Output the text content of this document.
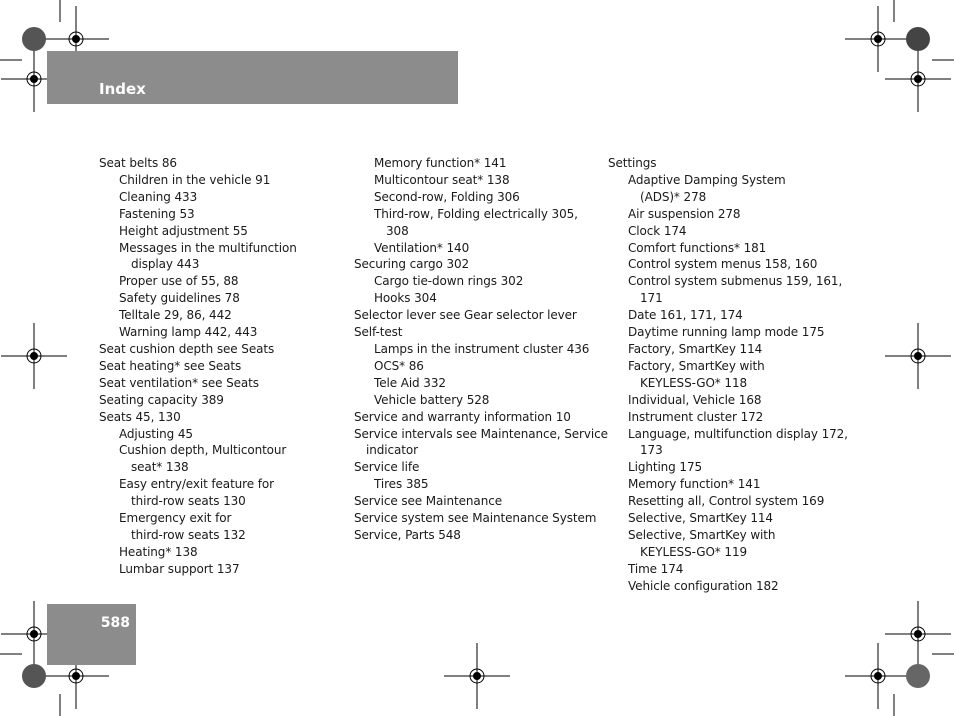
Index
Seat belts 86
Children in the vehicle 91
Cleaning 433
Fastening 53
Height adjustment 55
Messages in the multifunction
display 443
Proper use of 55, 88
Safety guidelines 78
Telltale 29, 86, 442
Warning lamp 442, 443
Seat cushion depth see Seats
Seat heating* see Seats
Seat ventilation* see Seats
Seating capacity 389
Seats 45, 130
Adjusting 45
Cushion depth, Multicontour
seat* 138
Easy entry/exit feature for
third-row seats 130
Emergency exit for
third-row seats 132
Heating* 138
Lumbar support 137
Memory function* 141
Multicontour seat* 138
Second-row, Folding 306
Third-row, Folding electrically 305,
308
Ventilation* 140
Securing cargo 302
Cargo tie-down rings 302
Hooks 304
Selector lever see Gear selector lever
Self-test
Lamps in the instrument cluster 436
OCS* 86
Tele Aid 332
Vehicle battery 528
Service and warranty information 10
Service intervals see Maintenance, Service
indicator
Service life
Tires 385
Service see Maintenance
Service system see Maintenance System
Service, Parts 548
Settings
Adaptive Damping System
(ADS)* 278
Air suspension 278
Clock 174
Comfort functions* 181
Control system menus 158, 160
Control system submenus 159, 161,
171
Date 161, 171, 174
Daytime running lamp mode 175
Factory, SmartKey 114
Factory, SmartKey with
KEYLESS-GO* 118
Individual, Vehicle 168
Instrument cluster 172
Language, multifunction display 172,
173
Lighting 175
Memory function* 141
Resetting all, Control system 169
Selective, SmartKey 114
Selective, SmartKey with
KEYLESS-GO* 119
Time 174
Vehicle configuration 182
588
